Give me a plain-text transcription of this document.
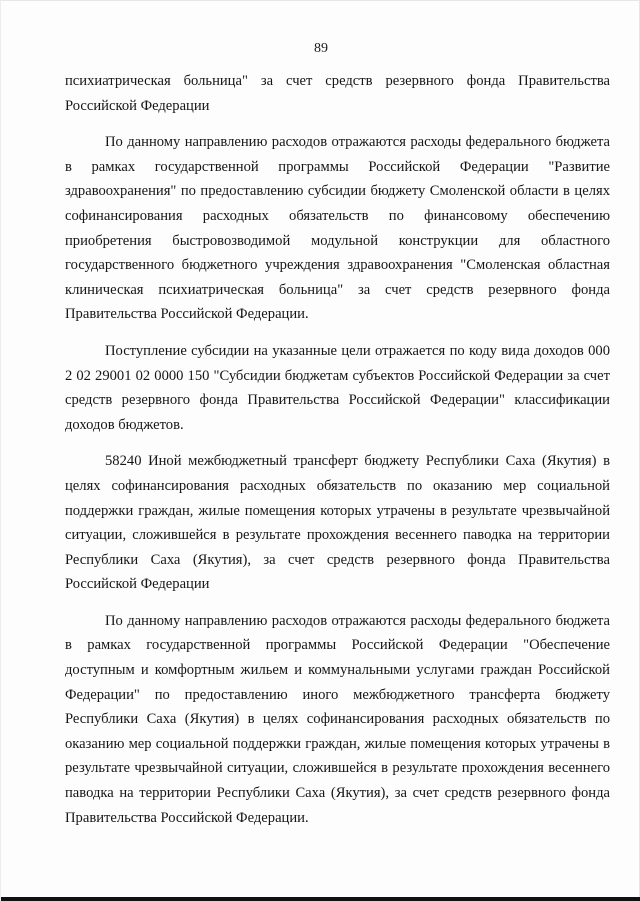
89

психиатрическая больница" за счет средств резервного фонда Правительства Российской Федерации

По данному направлению расходов отражаются расходы федерального бюджета в рамках государственной программы Российской Федерации "Развитие здравоохранения" по предоставлению субсидии бюджету Смоленской области в целях софинансирования расходных обязательств по финансовому обеспечению приобретения быстровозводимой модульной конструкции для областного государственного бюджетного учреждения здравоохранения "Смоленская областная клиническая психиатрическая больница" за счет средств резервного фонда Правительства Российской Федерации.

Поступление субсидии на указанные цели отражается по коду вида доходов 000 2 02 29001 02 0000 150 "Субсидии бюджетам субъектов Российской Федерации за счет средств резервного фонда Правительства Российской Федерации" классификации доходов бюджетов.

58240 Иной межбюджетный трансферт бюджету Республики Саха (Якутия) в целях софинансирования расходных обязательств по оказанию мер социальной поддержки граждан, жилые помещения которых утрачены в результате чрезвычайной ситуации, сложившейся в результате прохождения весеннего паводка на территории Республики Саха (Якутия), за счет средств резервного фонда Правительства Российской Федерации

По данному направлению расходов отражаются расходы федерального бюджета в рамках государственной программы Российской Федерации "Обеспечение доступным и комфортным жильем и коммунальными услугами граждан Российской Федерации" по предоставлению иного межбюджетного трансферта бюджету Республики Саха (Якутия) в целях софинансирования расходных обязательств по оказанию мер социальной поддержки граждан, жилые помещения которых утрачены в результате чрезвычайной ситуации, сложившейся в результате прохождения весеннего паводка на территории Республики Саха (Якутия), за счет средств резервного фонда Правительства Российской Федерации.
